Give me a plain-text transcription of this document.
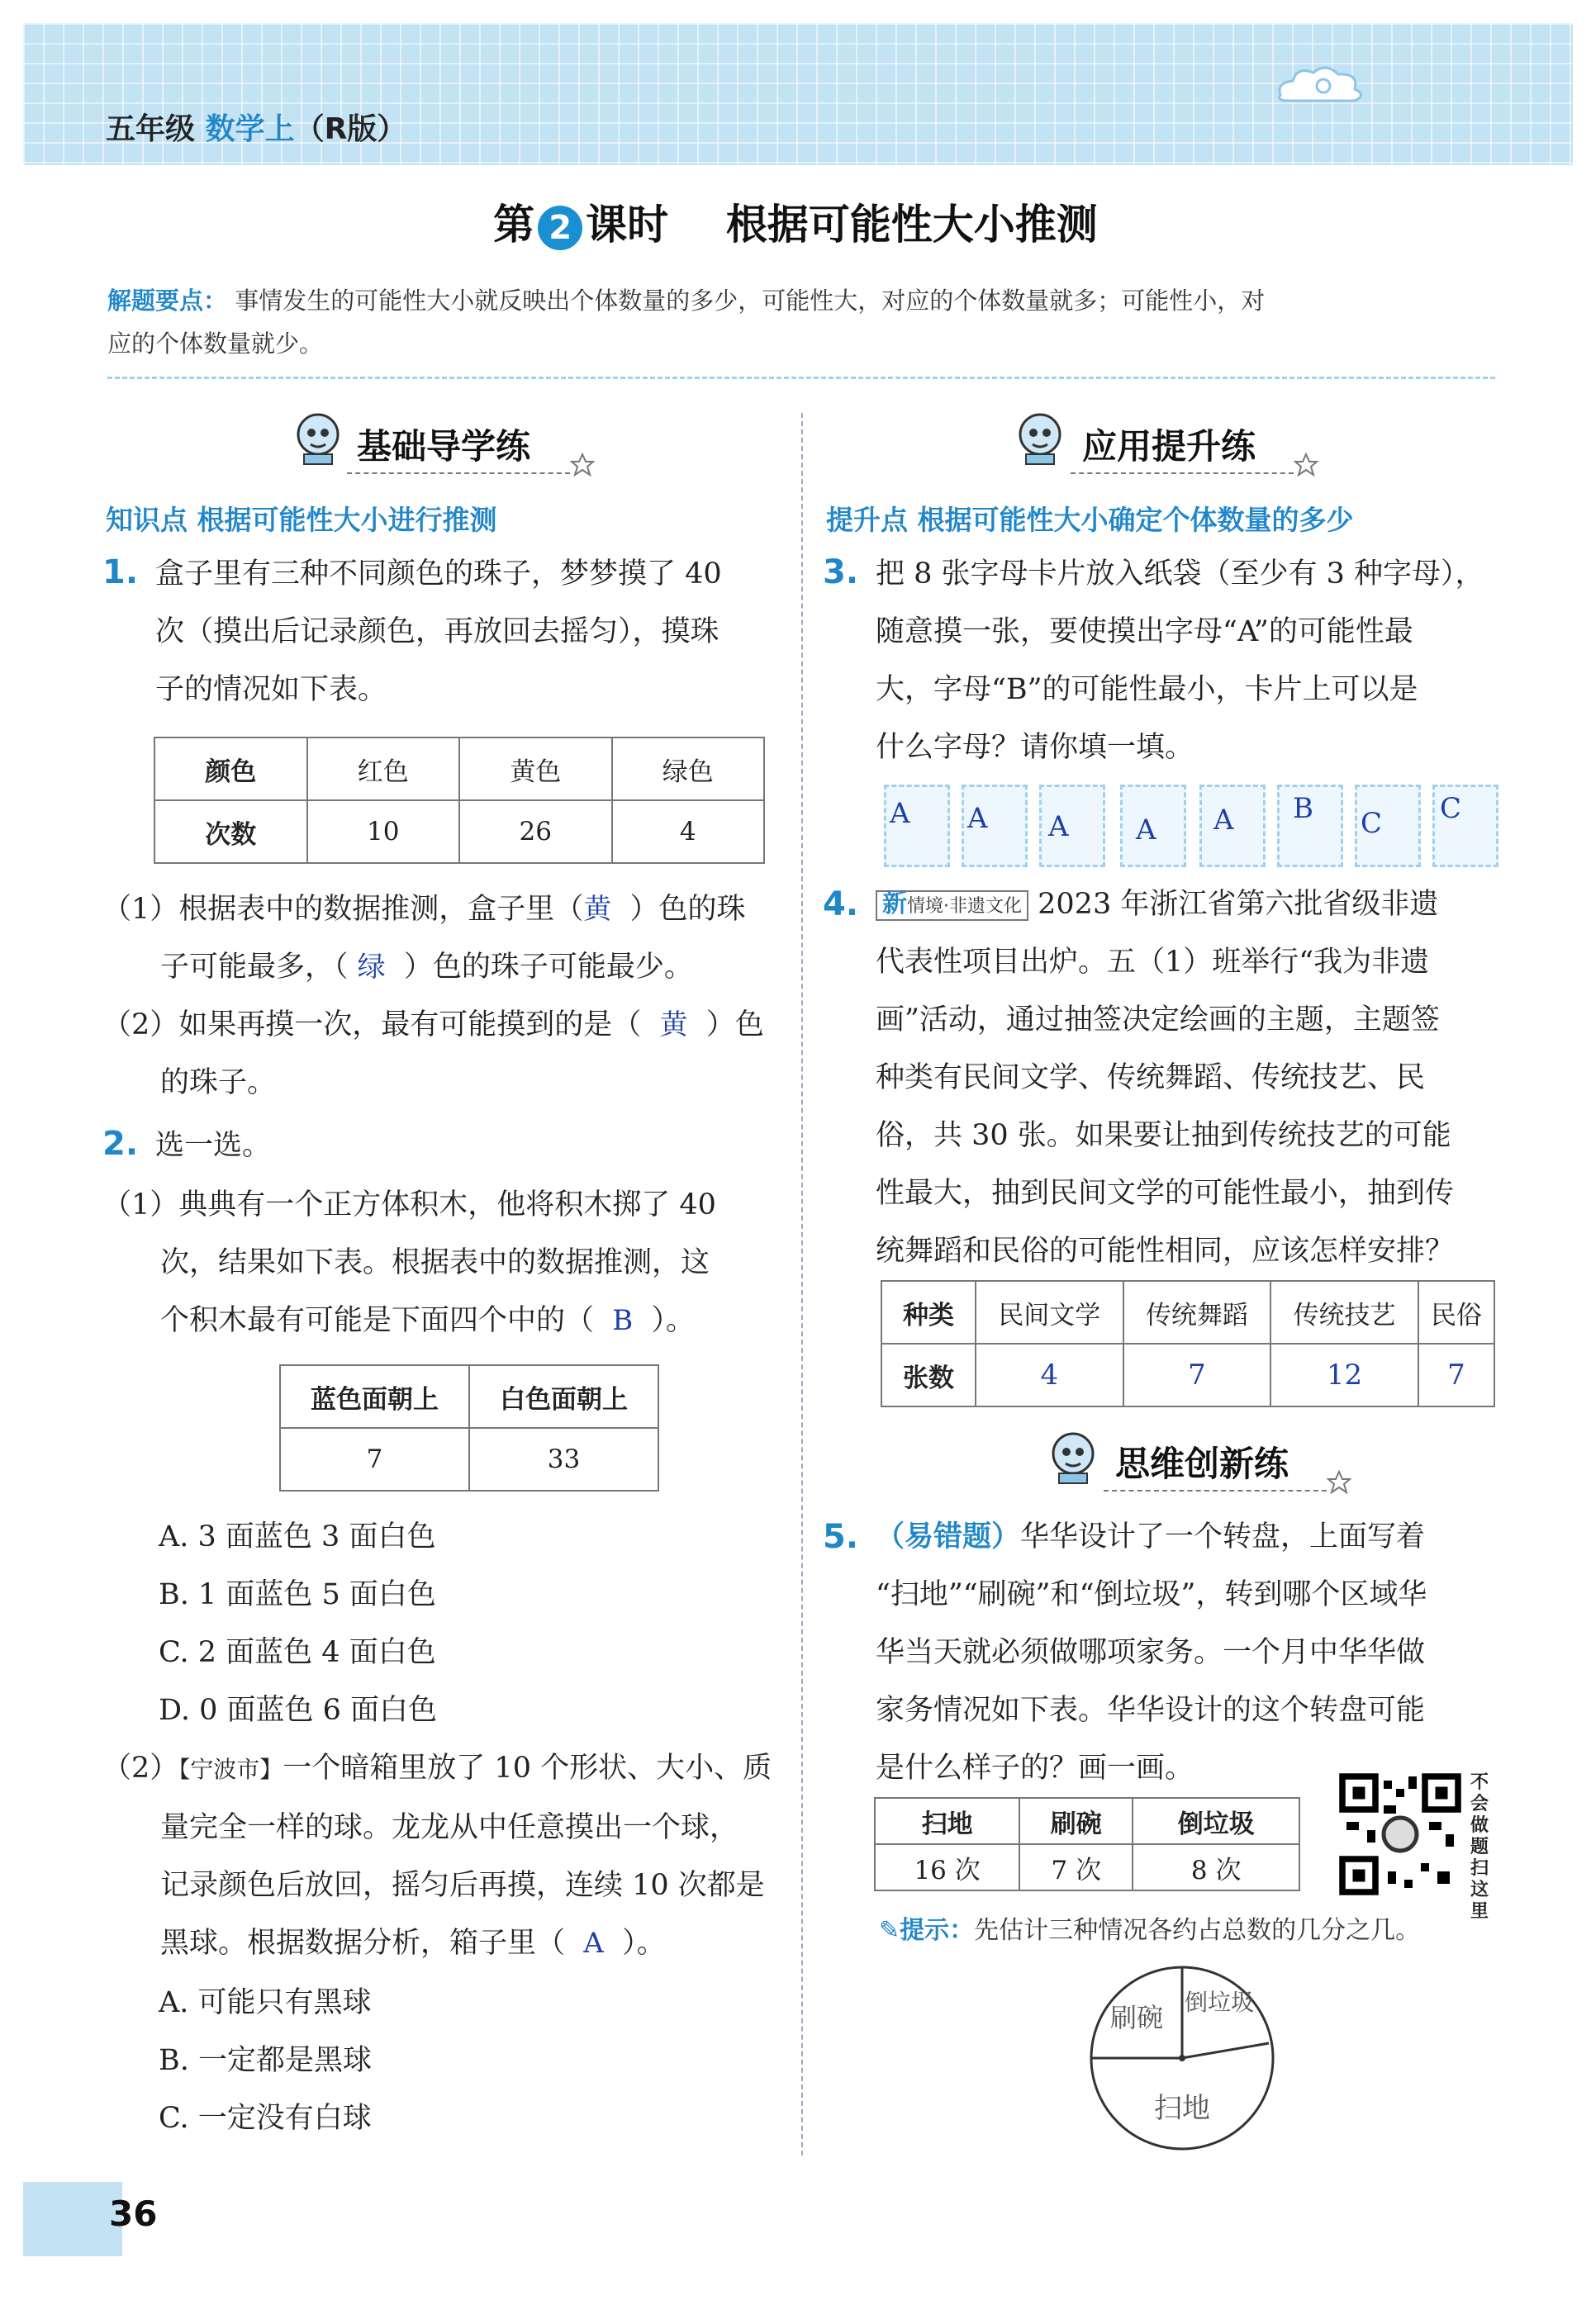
五年级 数学上（R版）
第 2 课时 根据可能性大小推测
解题要点： 事情发生的可能性大小就反映出个体数量的多少，可能性大，对应的个体数量就多；可能性小，对
应的个体数量就少。
基础导学练
知识点 根据可能性大小进行推测
1. 盒子里有三种不同颜色的珠子，梦梦摸了 40
次（摸出后记录颜色，再放回去摇匀），摸珠
子的情况如下表。
颜色	红色	黄色	绿色
次数	10	26	4
（1）根据表中的数据推测，盒子里（黄 ）色的珠
子可能最多，（ 绿 ）色的珠子可能最少。
（2）如果再摸一次，最有可能摸到的是（ 黄 ）色
的珠子。
2. 选一选。
（1）典典有一个正方体积木，他将积木掷了 40
次，结果如下表。根据表中的数据推测，这
个积木最有可能是下面四个中的（ B ）。
蓝色面朝上	白色面朝上
7	33
A. 3 面蓝色 3 面白色
B. 1 面蓝色 5 面白色
C. 2 面蓝色 4 面白色
D. 0 面蓝色 6 面白色
（2）【宁波市】一个暗箱里放了 10 个形状、大小、质
量完全一样的球。龙龙从中任意摸出一个球，
记录颜色后放回，摇匀后再摸，连续 10 次都是
黑球。根据数据分析，箱子里（ A ）。
A. 可能只有黑球
B. 一定都是黑球
C. 一定没有白球
应用提升练
提升点 根据可能性大小确定个体数量的多少
3. 把 8 张字母卡片放入纸袋（至少有 3 种字母），
随意摸一张，要使摸出字母“A”的可能性最
大，字母“B”的可能性最小，卡片上可以是
什么字母？请你填一填。
A A A A A B C C
4. 新情境·非遗文化 2023 年浙江省第六批省级非遗
代表性项目出炉。五（1）班举行“我为非遗
画”活动，通过抽签决定绘画的主题，主题签
种类有民间文学、传统舞蹈、传统技艺、民
俗，共 30 张。如果要让抽到传统技艺的可能
性最大，抽到民间文学的可能性最小，抽到传
统舞蹈和民俗的可能性相同，应该怎样安排？
种类	民间文学	传统舞蹈	传统技艺	民俗
张数	4	7	12	7
思维创新练
5. （易错题）华华设计了一个转盘，上面写着
“扫地”“刷碗”和“倒垃圾”，转到哪个区域华
华当天就必须做哪项家务。一个月中华华做
家务情况如下表。华华设计的这个转盘可能
是什么样子的？画一画。
扫地	刷碗	倒垃圾
16 次	7 次	8 次
不会做题扫这里
✎提示：先估计三种情况各约占总数的几分之几。
刷碗 倒垃圾
扫地
36
